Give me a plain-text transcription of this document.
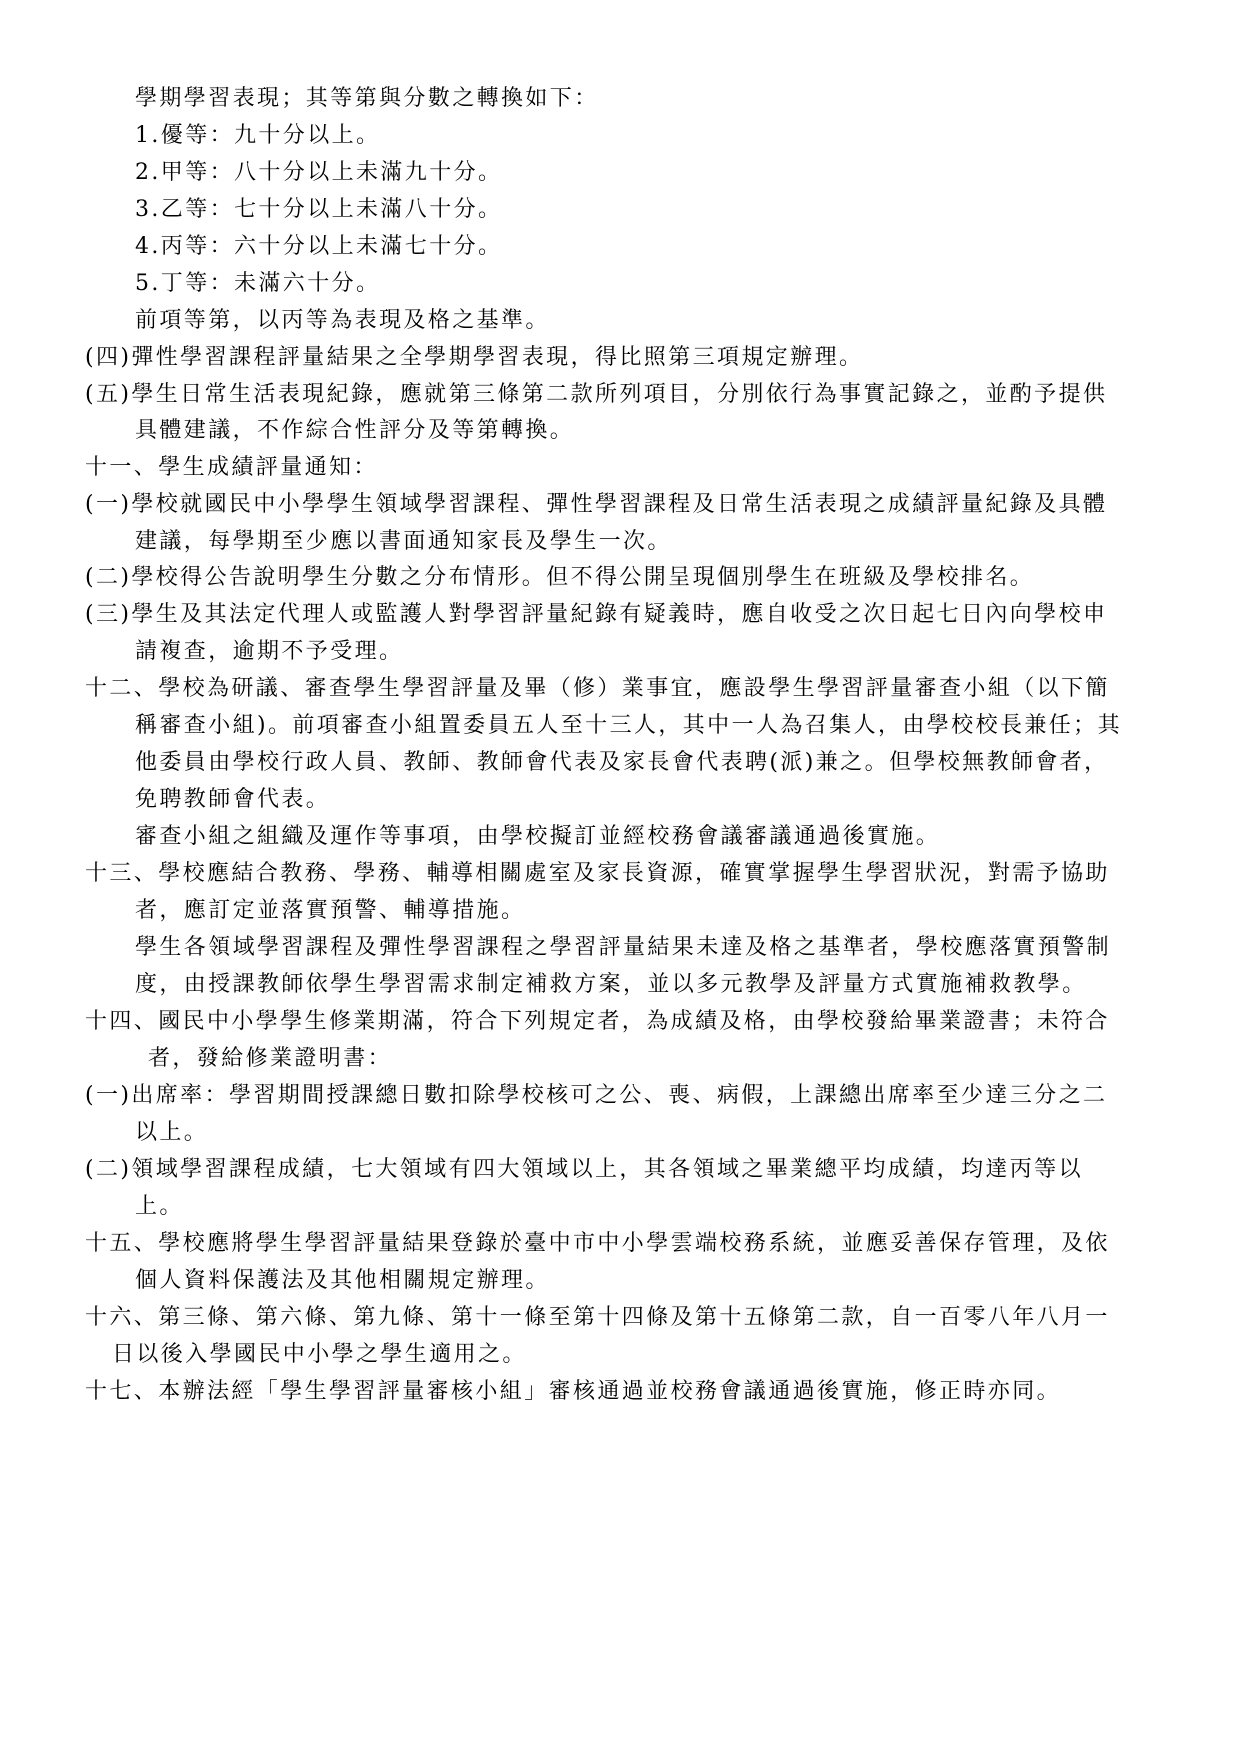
學期學習表現；其等第與分數之轉換如下：
1.優等：九十分以上。
2.甲等：八十分以上未滿九十分。
3.乙等：七十分以上未滿八十分。
4.丙等：六十分以上未滿七十分。
5.丁等：未滿六十分。
前項等第，以丙等為表現及格之基準。
(四)彈性學習課程評量結果之全學期學習表現，得比照第三項規定辦理。
(五)學生日常生活表現紀錄，應就第三條第二款所列項目，分別依行為事實記錄之，並酌予提供
具體建議，不作綜合性評分及等第轉換。
十一、學生成績評量通知：
(一)學校就國民中小學學生領域學習課程、彈性學習課程及日常生活表現之成績評量紀錄及具體
建議，每學期至少應以書面通知家長及學生一次。
(二)學校得公告說明學生分數之分布情形。但不得公開呈現個別學生在班級及學校排名。
(三)學生及其法定代理人或監護人對學習評量紀錄有疑義時，應自收受之次日起七日內向學校申
請複查，逾期不予受理。
十二、學校為研議、審查學生學習評量及畢（修）業事宜，應設學生學習評量審查小組（以下簡
稱審查小組)。前項審查小組置委員五人至十三人，其中一人為召集人，由學校校長兼任；其
他委員由學校行政人員、教師、教師會代表及家長會代表聘(派)兼之。但學校無教師會者，
免聘教師會代表。
審查小組之組織及運作等事項，由學校擬訂並經校務會議審議通過後實施。
十三、學校應結合教務、學務、輔導相關處室及家長資源，確實掌握學生學習狀況，對需予協助
者，應訂定並落實預警、輔導措施。
學生各領域學習課程及彈性學習課程之學習評量結果未達及格之基準者，學校應落實預警制
度，由授課教師依學生學習需求制定補救方案，並以多元教學及評量方式實施補救教學。
十四、國民中小學學生修業期滿，符合下列規定者，為成績及格，由學校發給畢業證書；未符合
者，發給修業證明書：
(一)出席率：學習期間授課總日數扣除學校核可之公、喪、病假，上課總出席率至少達三分之二
以上。
(二)領域學習課程成績，七大領域有四大領域以上，其各領域之畢業總平均成績，均達丙等以
上。
十五、學校應將學生學習評量結果登錄於臺中市中小學雲端校務系統，並應妥善保存管理，及依
個人資料保護法及其他相關規定辦理。
十六、第三條、第六條、第九條、第十一條至第十四條及第十五條第二款，自一百零八年八月一
日以後入學國民中小學之學生適用之。
十七、本辦法經「學生學習評量審核小組」審核通過並校務會議通過後實施，修正時亦同。
